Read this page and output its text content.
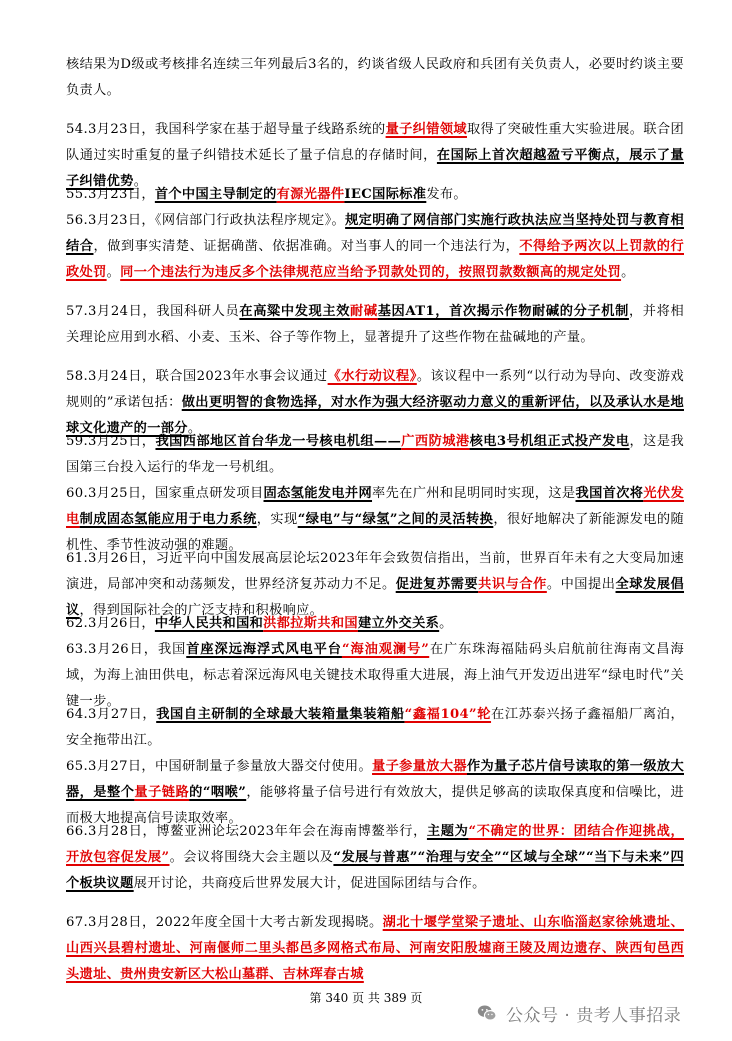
核结果为D级或考核排名连续三年列最后3名的，约谈省级人民政府和兵团有关负责人，必要时约谈主要负责人。

54.3月23日，我国科学家在基于超导量子线路系统的量子纠错领域取得了突破性重大实验进展。联合团队通过实时重复的量子纠错技术延长了量子信息的存储时间，在国际上首次超越盈亏平衡点，展示了量子纠错优势。

55.3月23日，首个中国主导制定的有源光器件IEC国际标准发布。

56.3月23日，《网信部门行政执法程序规定》。规定明确了网信部门实施行政执法应当坚持处罚与教育相结合，做到事实清楚、证据确凿、依据准确。对当事人的同一个违法行为，不得给予两次以上罚款的行政处罚。同一个违法行为违反多个法律规范应当给予罚款处罚的，按照罚款数额高的规定处罚。

57.3月24日，我国科研人员在高粱中发现主效耐碱基因AT1，首次揭示作物耐碱的分子机制，并将相关理论应用到水稻、小麦、玉米、谷子等作物上，显著提升了这些作物在盐碱地的产量。

58.3月24日，联合国2023年水事会议通过《水行动议程》。该议程中一系列“以行动为导向、改变游戏规则的”承诺包括：做出更明智的食物选择，对水作为强大经济驱动力意义的重新评估，以及承认水是地球文化遗产的一部分。

59.3月25日，我国西部地区首台华龙一号核电机组——广西防城港核电3号机组正式投产发电，这是我国第三台投入运行的华龙一号机组。

60.3月25日，国家重点研发项目固态氢能发电并网率先在广州和昆明同时实现，这是我国首次将光伏发电制成固态氢能应用于电力系统，实现“绿电”与“绿氢”之间的灵活转换，很好地解决了新能源发电的随机性、季节性波动强的难题。

61.3月26日，习近平向中国发展高层论坛2023年年会致贺信指出，当前，世界百年未有之大变局加速演进，局部冲突和动荡频发，世界经济复苏动力不足。促进复苏需要共识与合作。中国提出全球发展倡议，得到国际社会的广泛支持和积极响应。

62.3月26日，中华人民共和国和洪都拉斯共和国建立外交关系。

63.3月26日，我国首座深远海浮式风电平台“海油观澜号”在广东珠海福陆码头启航前往海南文昌海域，为海上油田供电，标志着深远海风电关键技术取得重大进展，海上油气开发迈出进军“绿电时代”关键一步。

64.3月27日，我国自主研制的全球最大装箱量集装箱船“鑫福104”轮在江苏泰兴扬子鑫福船厂离泊，安全拖带出江。

65.3月27日，中国研制量子参量放大器交付使用。量子参量放大器作为量子芯片信号读取的第一级放大器，是整个量子链路的“咽喉”，能够将量子信号进行有效放大，提供足够高的读取保真度和信噪比，进而极大地提高信号读取效率。

66.3月28日，博鳌亚洲论坛2023年年会在海南博鳌举行，主题为“不确定的世界：团结合作迎挑战，开放包容促发展”。会议将围绕大会主题以及“发展与普惠”“治理与安全”“区域与全球”“当下与未来”四个板块议题展开讨论，共商疫后世界发展大计，促进国际团结与合作。

67.3月28日，2022年度全国十大考古新发现揭晓。湖北十堰学堂梁子遗址、山东临淄赵家徐姚遗址、山西兴县碧村遗址、河南偃师二里头都邑多网格式布局、河南安阳殷墟商王陵及周边遗存、陕西旬邑西头遗址、贵州贵安新区大松山墓群、吉林珲春古城

第 340 页 共 389 页
公众号 · 贵考人事招录
